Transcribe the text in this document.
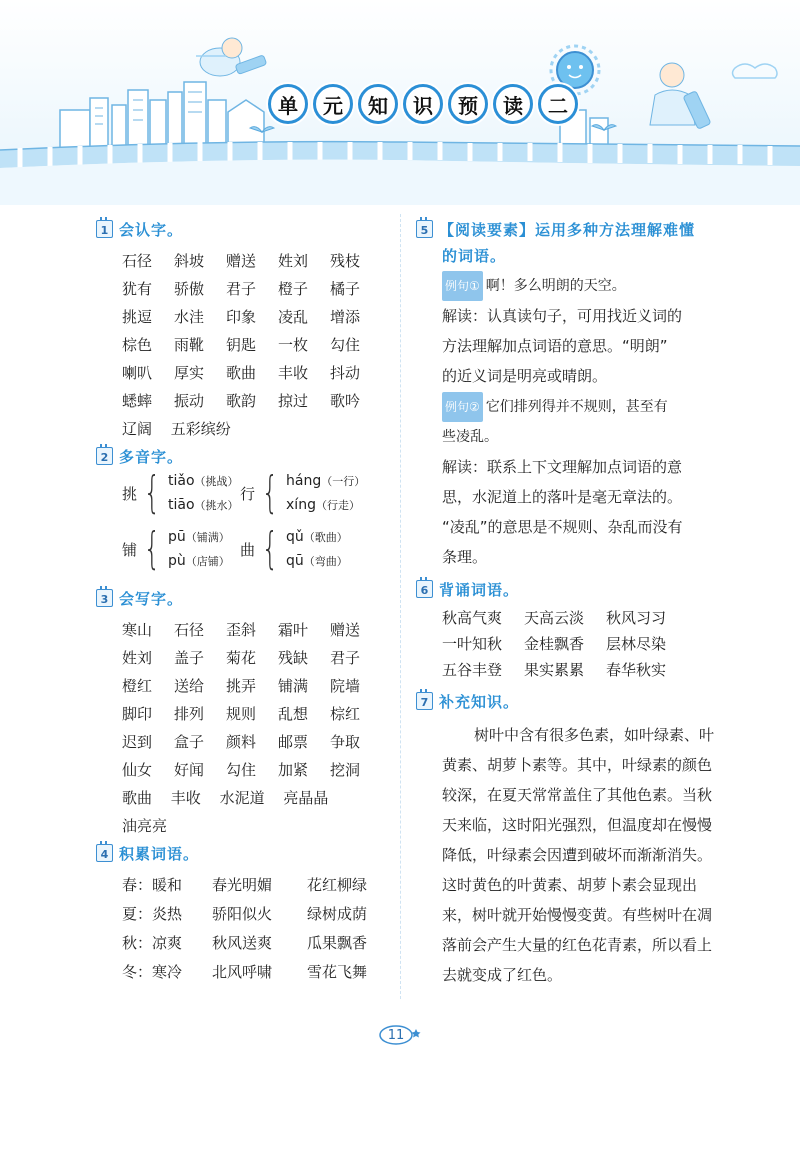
单	元	知	识	预	读	二
1 会认字。
石径	斜坡	赠送	姓刘	残枝
犹有	骄傲	君子	橙子	橘子
挑逗	水洼	印象	凌乱	增添
棕色	雨靴	钥匙	一枚	勾住
喇叭	厚实	歌曲	丰收	抖动
蟋蟀	振动	歌韵	掠过	歌吟
辽阔 五彩缤纷
2 多音字。
挑 { tiǎo（挑战）
tiāo（挑水）
行 { háng（一行）
xíng（行走）
铺 { pū（铺满）
pù（店铺）
曲 { qǔ（歌曲）
qū（弯曲）
3 会写字。
寒山	石径	歪斜	霜叶	赠送
姓刘	盖子	菊花	残缺	君子
橙红	送给	挑弄	铺满	院墙
脚印	排列	规则	乱想	棕红
迟到	盒子	颜料	邮票	争取
仙女	好闻	勾住	加紧	挖洞
歌曲 丰收 水泥道 亮晶晶
油亮亮
4 积累词语。
春：暖和 春光明媚 花红柳绿
夏：炎热 骄阳似火 绿树成荫
秋：凉爽 秋风送爽 瓜果飘香
冬：寒冷 北风呼啸 雪花飞舞
5 【阅读要素】运用多种方法理解难懂
的词语。
例句① 啊！多么明朗的天空。

解读：认真读句子，可用找近义词的

方法理解加点词语的意思。“明朗”

的近义词是明亮或晴朗。

例句② 它们排列得并不规则，甚至有
些凌乱。

解读：联系上下文理解加点词语的意

思，水泥道上的落叶是毫无章法的。

“凌乱”的意思是不规则、杂乱而没有

条理。

6 背诵词语。
秋高气爽 天高云淡 秋风习习
一叶知秋 金桂飘香 层林尽染
五谷丰登 果实累累 春华秋实
7 补充知识。

树叶中含有很多色素，如叶绿素、叶黄素、胡萝卜素等。其中，叶绿素的颜色较深，在夏天常常盖住了其他色素。当秋天来临，这时阳光强烈，但温度却在慢慢降低，叶绿素会因遭到破坏而渐渐消失。这时黄色的叶黄素、胡萝卜素会显现出来，树叶就开始慢慢变黄。有些树叶在凋落前会产生大量的红色花青素，所以看上去就变成了红色。

11
